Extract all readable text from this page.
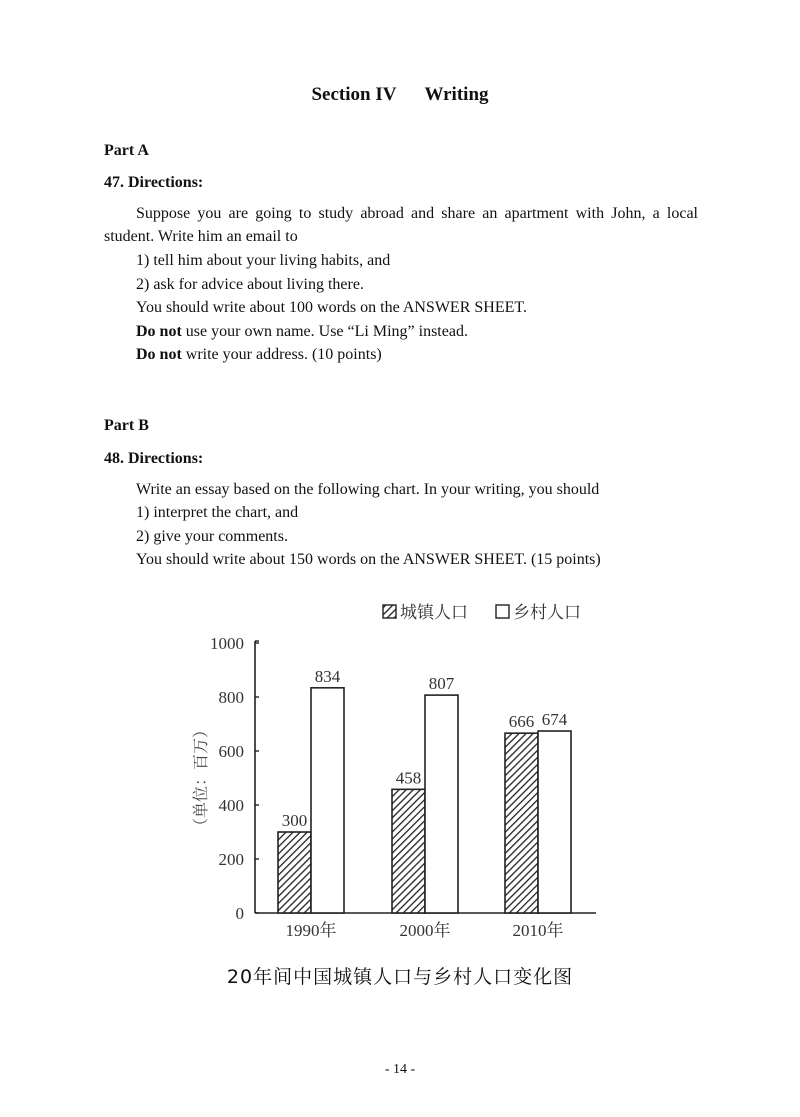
Section IV Writing
Part A
47. Directions:
Suppose you are going to study abroad and share an apartment with John, a local student. Write him an email to
1) tell him about your living habits, and
2) ask for advice about living there.
You should write about 100 words on the ANSWER SHEET.
Do not use your own name. Use “Li Ming” instead.
Do not write your address. (10 points)
Part B
48. Directions:
Write an essay based on the following chart. In your writing, you should
1) interpret the chart, and
2) give your comments.
You should write about 150 words on the ANSWER SHEET. (15 points)
城镇人口	乡村人口
0
200
400
600
800
1000
1990年	2000年	2010年
300
834
458
807
666 674
（单位：百万）
20年间中国城镇人口与乡村人口变化图
- 14 -
